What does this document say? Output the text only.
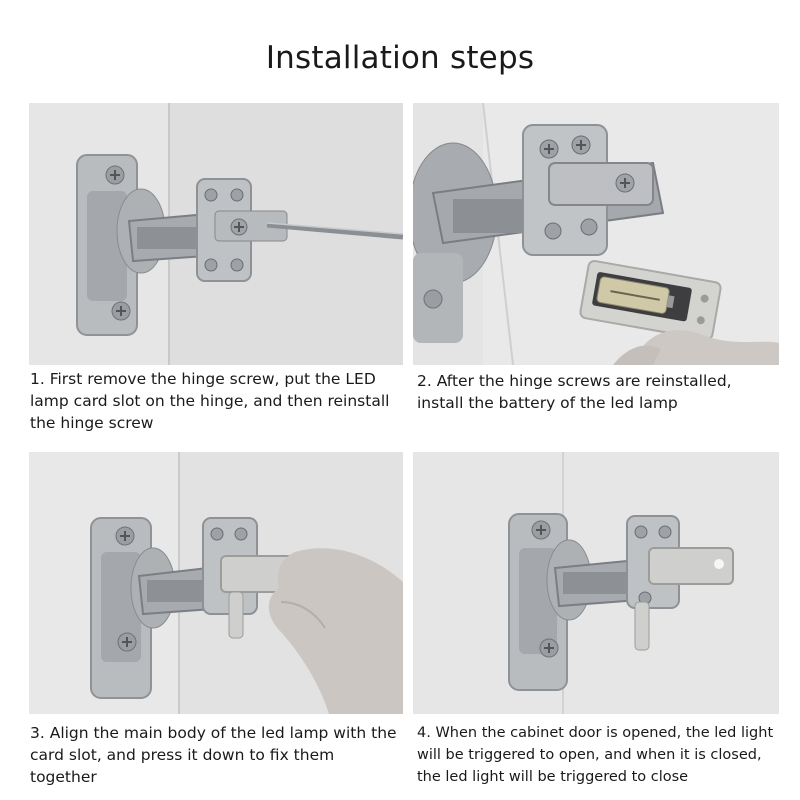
Installation steps
1. First remove the hinge screw, put the LED lamp card slot on the hinge, and then reinstall the hinge screw
2. After the hinge screws are reinstalled, install the battery of the led lamp
3. Align the main body of the led lamp with the card slot, and press it down to fix them together
4. When the cabinet door is opened, the led light will be triggered to open, and when it is closed, the led light will be triggered to close
